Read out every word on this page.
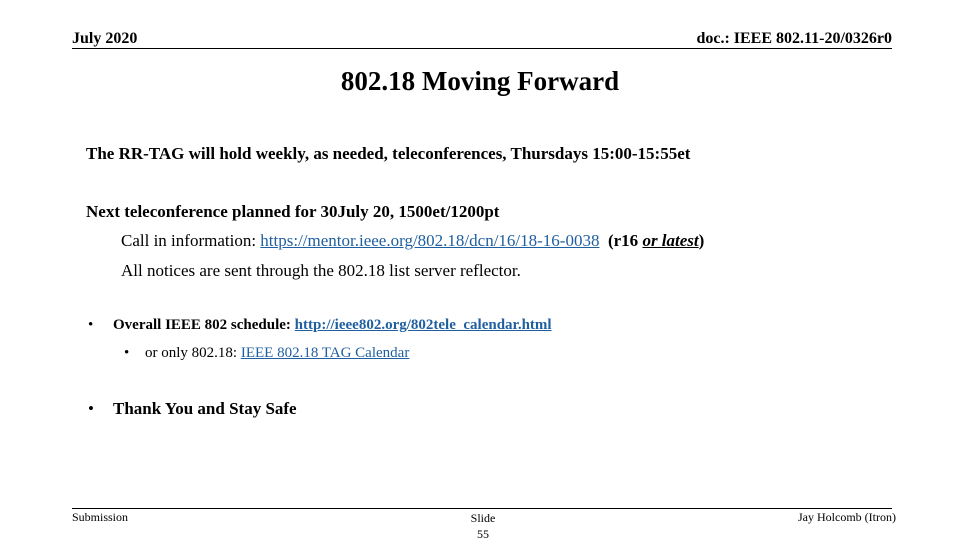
July 2020	doc.: IEEE 802.11-20/0326r0
802.18 Moving Forward
The RR-TAG will hold weekly, as needed, teleconferences, Thursdays 15:00-15:55et
Next teleconference planned for 30July 20, 1500et/1200pt
Call in information: https://mentor.ieee.org/802.18/dcn/16/18-16-0038 (r16 or latest)
All notices are sent through the 802.18 list server reflector.
• Overall IEEE 802 schedule: http://ieee802.org/802tele_calendar.html
• or only 802.18: IEEE 802.18 TAG Calendar
• Thank You and Stay Safe
Submission	Slide
55
Jay Holcomb (Itron)
